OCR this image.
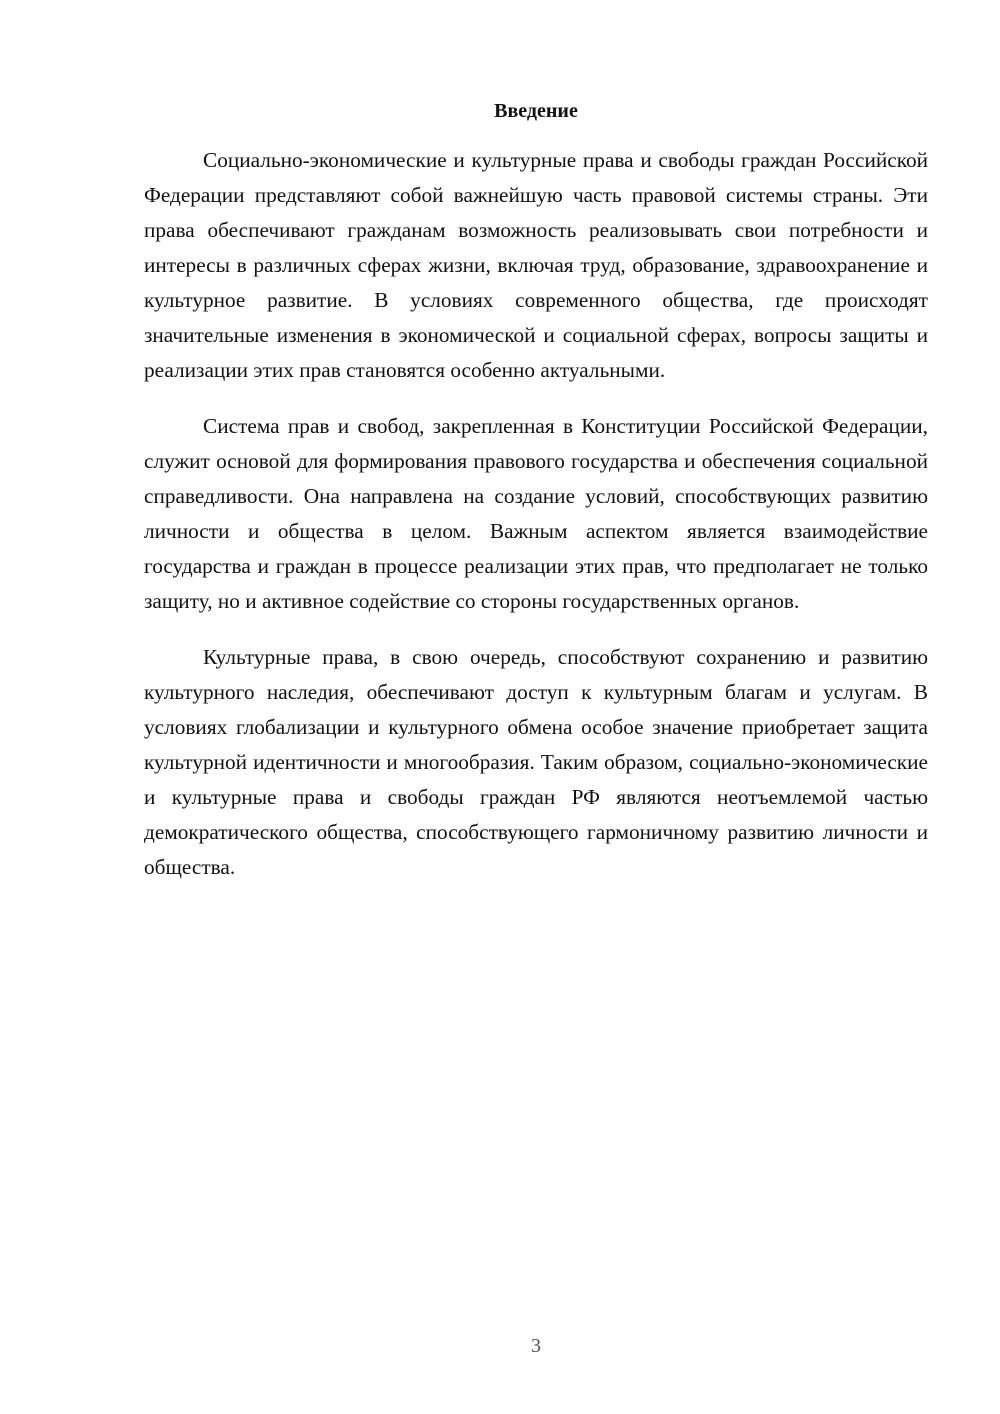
Введение

Социально-экономические и культурные права и свободы граждан Российской Федерации представляют собой важнейшую часть правовой системы страны. Эти права обеспечивают гражданам возможность реализовывать свои потребности и интересы в различных сферах жизни, включая труд, образование, здравоохранение и культурное развитие. В условиях современного общества, где происходят значительные изменения в экономической и социальной сферах, вопросы защиты и реализации этих прав становятся особенно актуальными.

Система прав и свобод, закрепленная в Конституции Российской Федерации, служит основой для формирования правового государства и обеспечения социальной справедливости. Она направлена на создание условий, способствующих развитию личности и общества в целом. Важным аспектом является взаимодействие государства и граждан в процессе реализации этих прав, что предполагает не только защиту, но и активное содействие со стороны государственных органов.

Культурные права, в свою очередь, способствуют сохранению и развитию культурного наследия, обеспечивают доступ к культурным благам и услугам. В условиях глобализации и культурного обмена особое значение приобретает защита культурной идентичности и многообразия. Таким образом, социально-экономические и культурные права и свободы граждан РФ являются неотъемлемой частью демократического общества, способствующего гармоничному развитию личности и общества.

3
